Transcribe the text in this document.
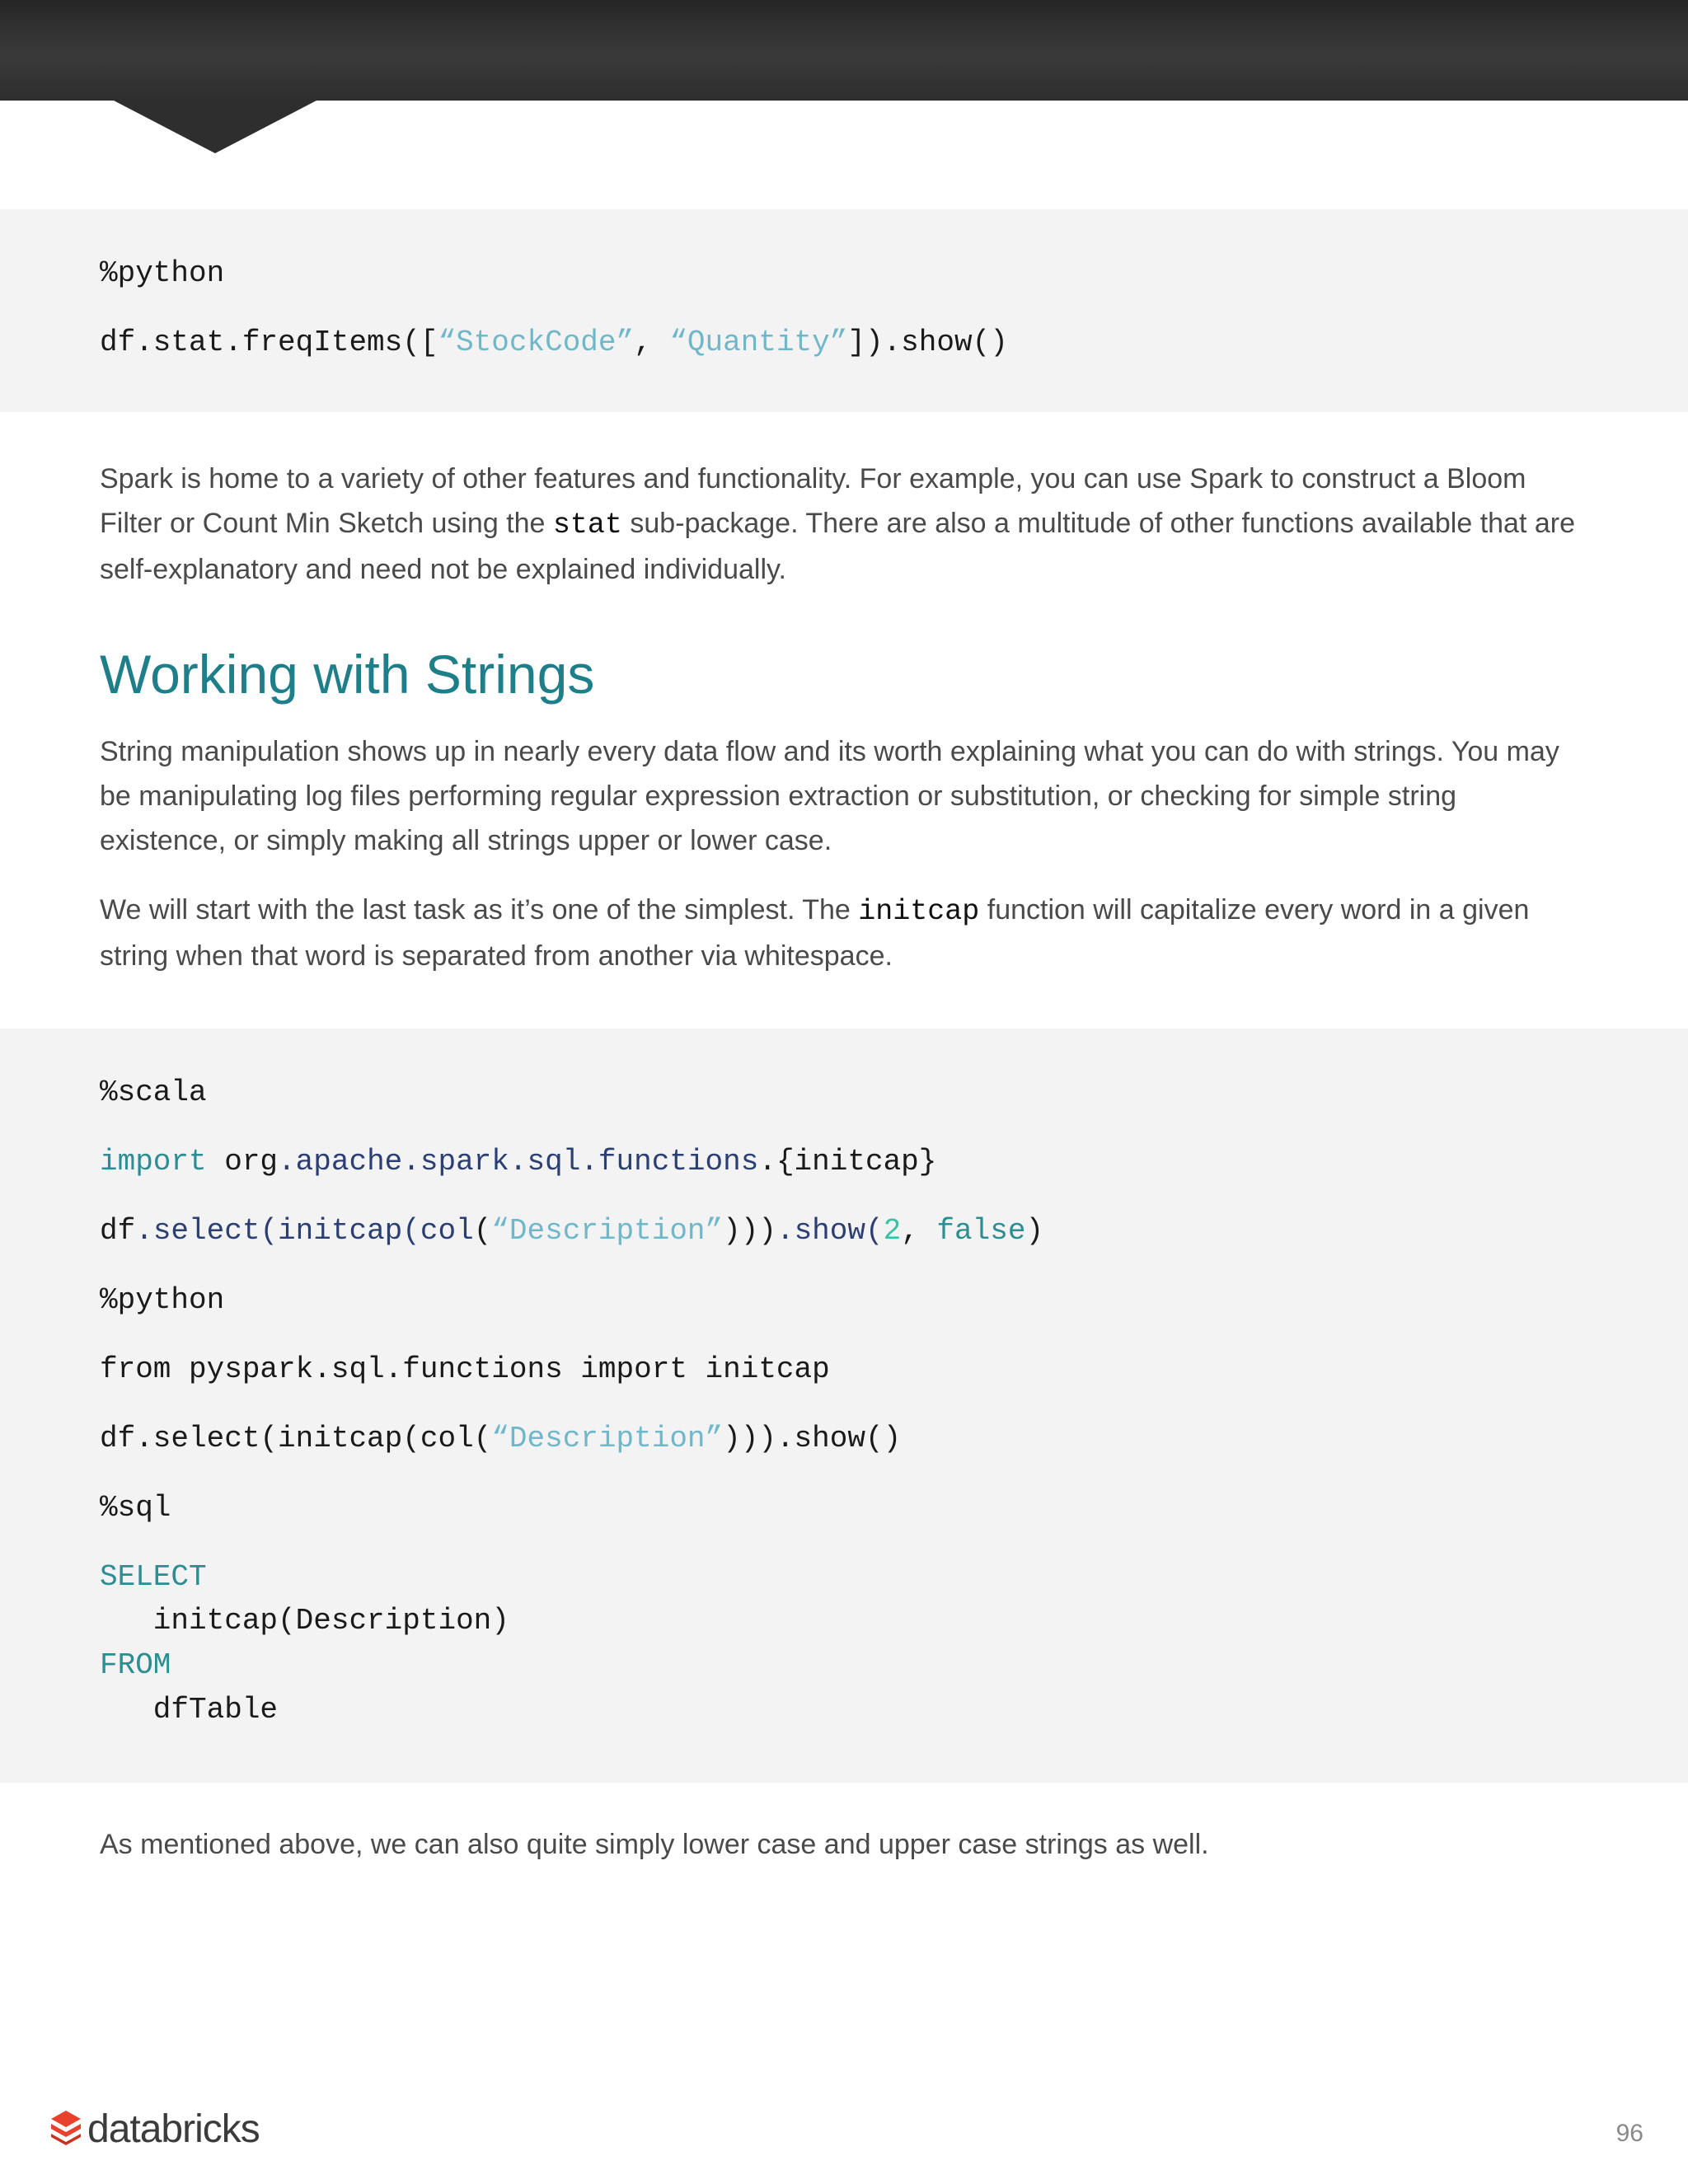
%python
df.stat.freqItems([“StockCode”, “Quantity”]).show()

Spark is home to a variety of other features and functionality. For example, you can use Spark to construct a Bloom Filter or Count Min Sketch using the stat sub-package. There are also a multitude of other functions available that are self-explanatory and need not be explained individually.

Working with Strings

String manipulation shows up in nearly every data flow and its worth explaining what you can do with strings. You may be manipulating log files performing regular expression extraction or substitution, or checking for simple string existence, or simply making all strings upper or lower case.

We will start with the last task as it’s one of the simplest. The initcap function will capitalize every word in a given string when that word is separated from another via whitespace.

%scala
import org.apache.spark.sql.functions.{initcap}
df.select(initcap(col(“Description”))).show(2, false)
%python
from pyspark.sql.functions import initcap
df.select(initcap(col(“Description”))).show()
%sql
SELECT
initcap(Description)
FROM
dfTable

As mentioned above, we can also quite simply lower case and upper case strings as well.

databricks	96
